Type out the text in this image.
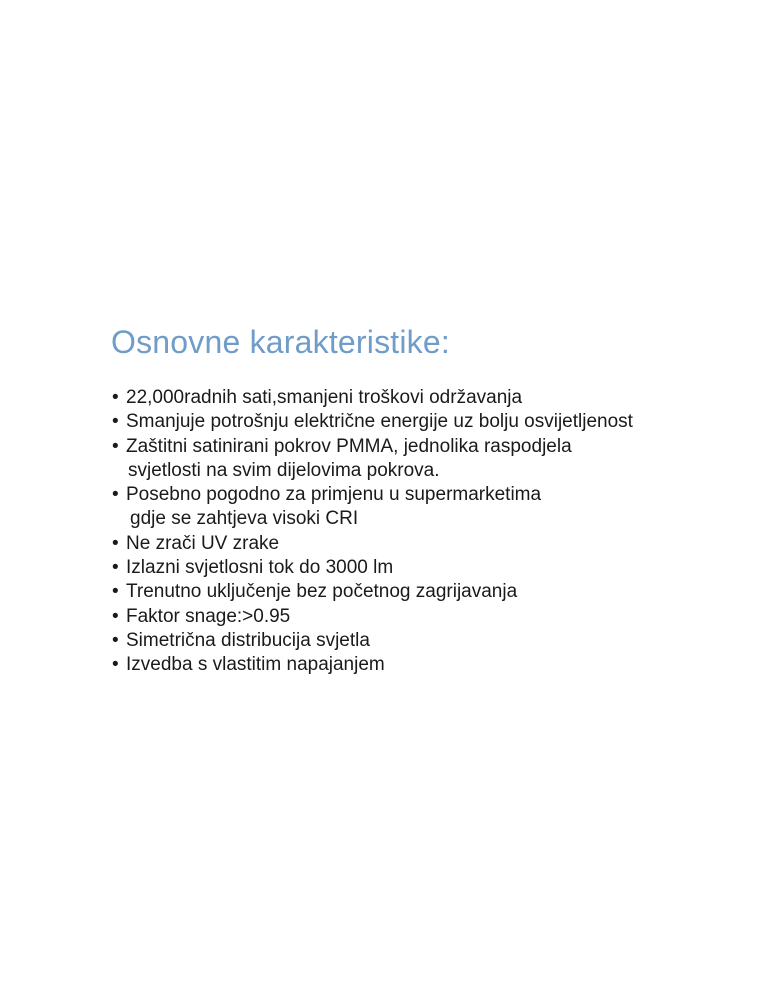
Osnovne karakteristike:
• 22,000radnih sati,smanjeni troškovi održavanja
• Smanjuje potrošnju električne energije uz bolju osvijetljenost
• Zaštitni satinirani pokrov PMMA, jednolika raspodjela
svjetlosti na svim dijelovima pokrova.
• Posebno pogodno za primjenu u supermarketima
gdje se zahtjeva visoki CRI
• Ne zrači UV zrake
• Izlazni svjetlosni tok do 3000 lm
• Trenutno uključenje bez početnog zagrijavanja
• Faktor snage:>0.95
• Simetrična distribucija svjetla
• Izvedba s vlastitim napajanjem
